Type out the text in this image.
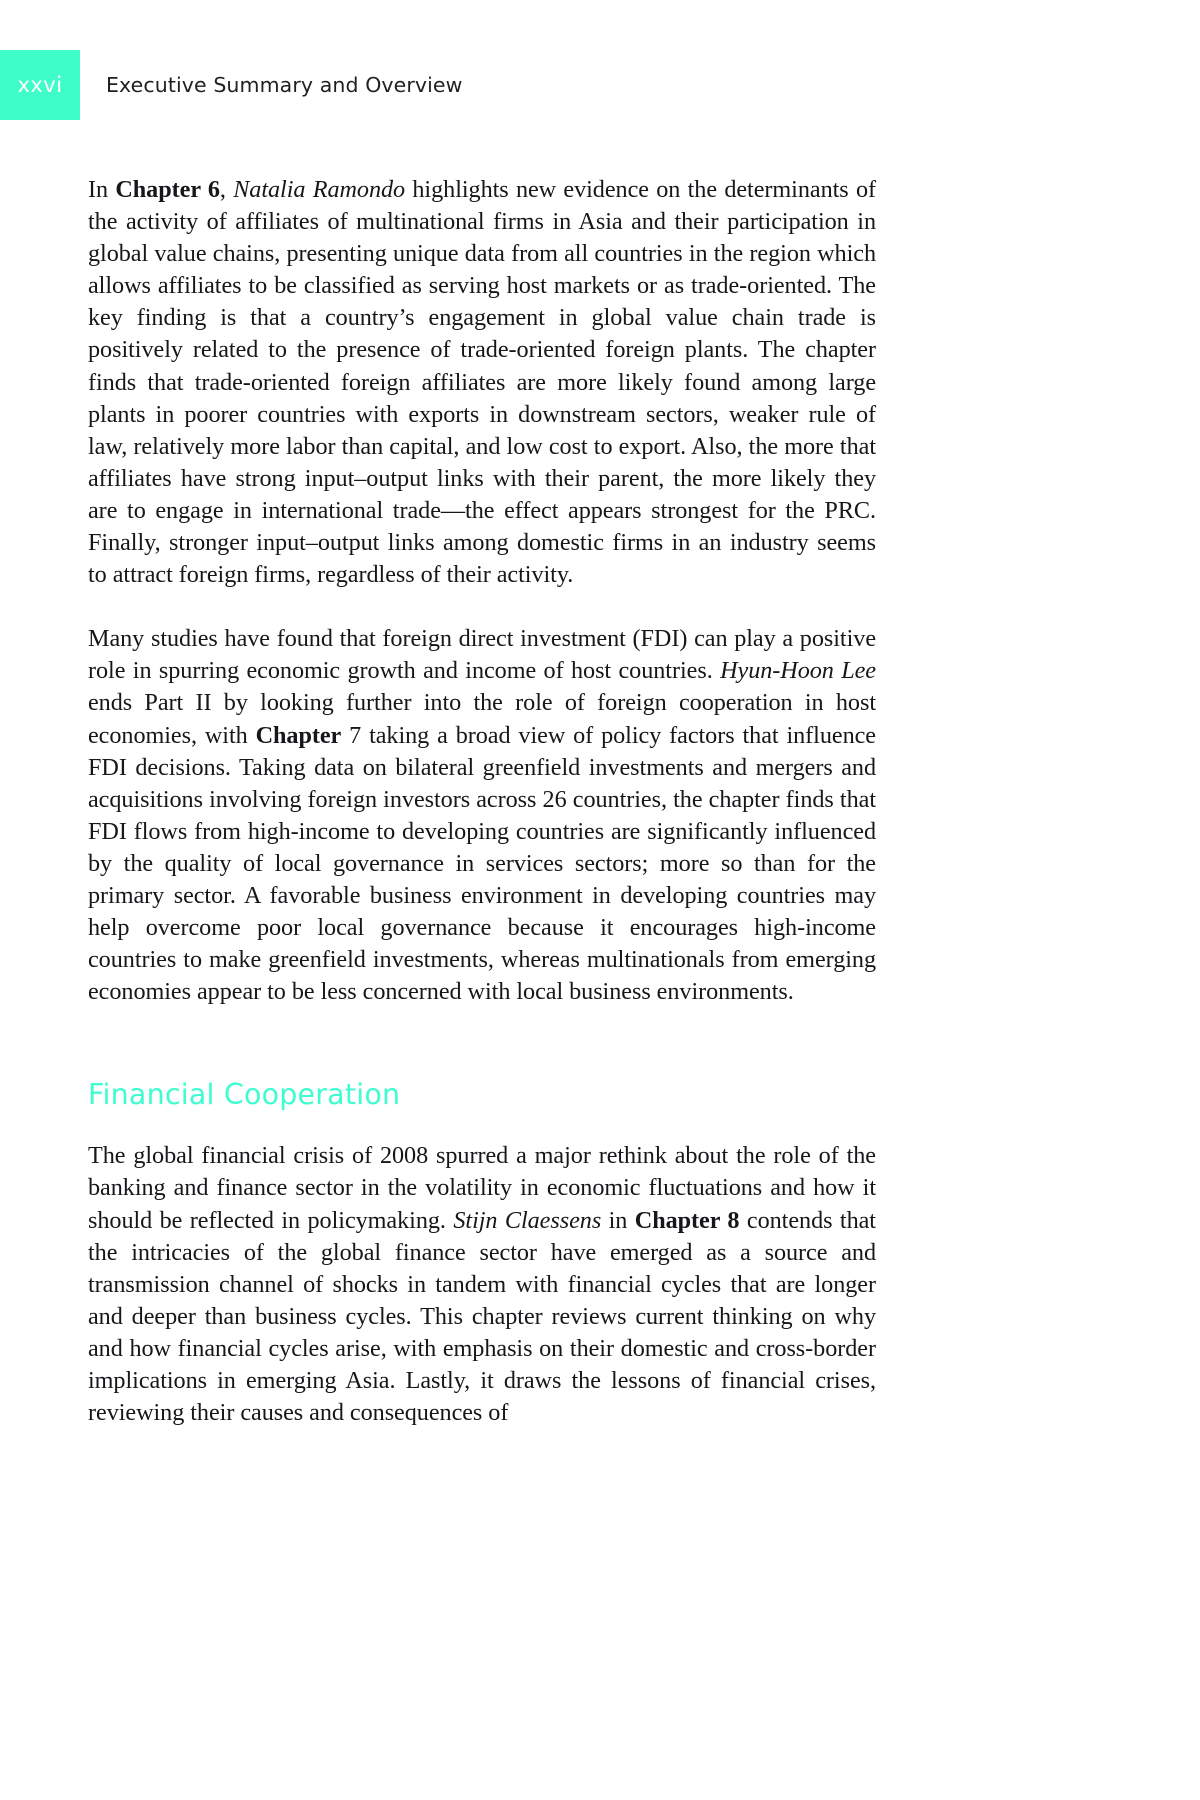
xxvi	Executive Summary and Overview

In Chapter 6, Natalia Ramondo highlights new evidence on the determinants of the activity of affiliates of multinational firms in Asia and their participation in global value chains, presenting unique data from all countries in the region which allows affiliates to be classified as serving host markets or as trade-oriented. The key finding is that a country’s engagement in global value chain trade is positively related to the presence of trade-oriented foreign plants. The chapter finds that trade-oriented foreign affiliates are more likely found among large plants in poorer countries with exports in downstream sectors, weaker rule of law, relatively more labor than capital, and low cost to export. Also, the more that affiliates have strong input–output links with their parent, the more likely they are to engage in international trade—the effect appears strongest for the PRC. Finally, stronger input–output links among domestic firms in an industry seems to attract foreign firms, regardless of their activity.

Many studies have found that foreign direct investment (FDI) can play a positive role in spurring economic growth and income of host countries. Hyun-Hoon Lee ends Part II by looking further into the role of foreign cooperation in host economies, with Chapter 7 taking a broad view of policy factors that influence FDI decisions. Taking data on bilateral greenfield investments and mergers and acquisitions involving foreign investors across 26 countries, the chapter finds that FDI flows from high-income to developing countries are significantly influenced by the quality of local governance in services sectors; more so than for the primary sector. A favorable business environment in developing countries may help overcome poor local governance because it encourages high-income countries to make greenfield investments, whereas multinationals from emerging economies appear to be less concerned with local business environments.

Financial Cooperation

The global financial crisis of 2008 spurred a major rethink about the role of the banking and finance sector in the volatility in economic fluctuations and how it should be reflected in policymaking. Stijn Claessens in Chapter 8 contends that the intricacies of the global finance sector have emerged as a source and transmission channel of shocks in tandem with financial cycles that are longer and deeper than business cycles. This chapter reviews current thinking on why and how financial cycles arise, with emphasis on their domestic and cross-border implications in emerging Asia. Lastly, it draws the lessons of financial crises, reviewing their causes and consequences of
